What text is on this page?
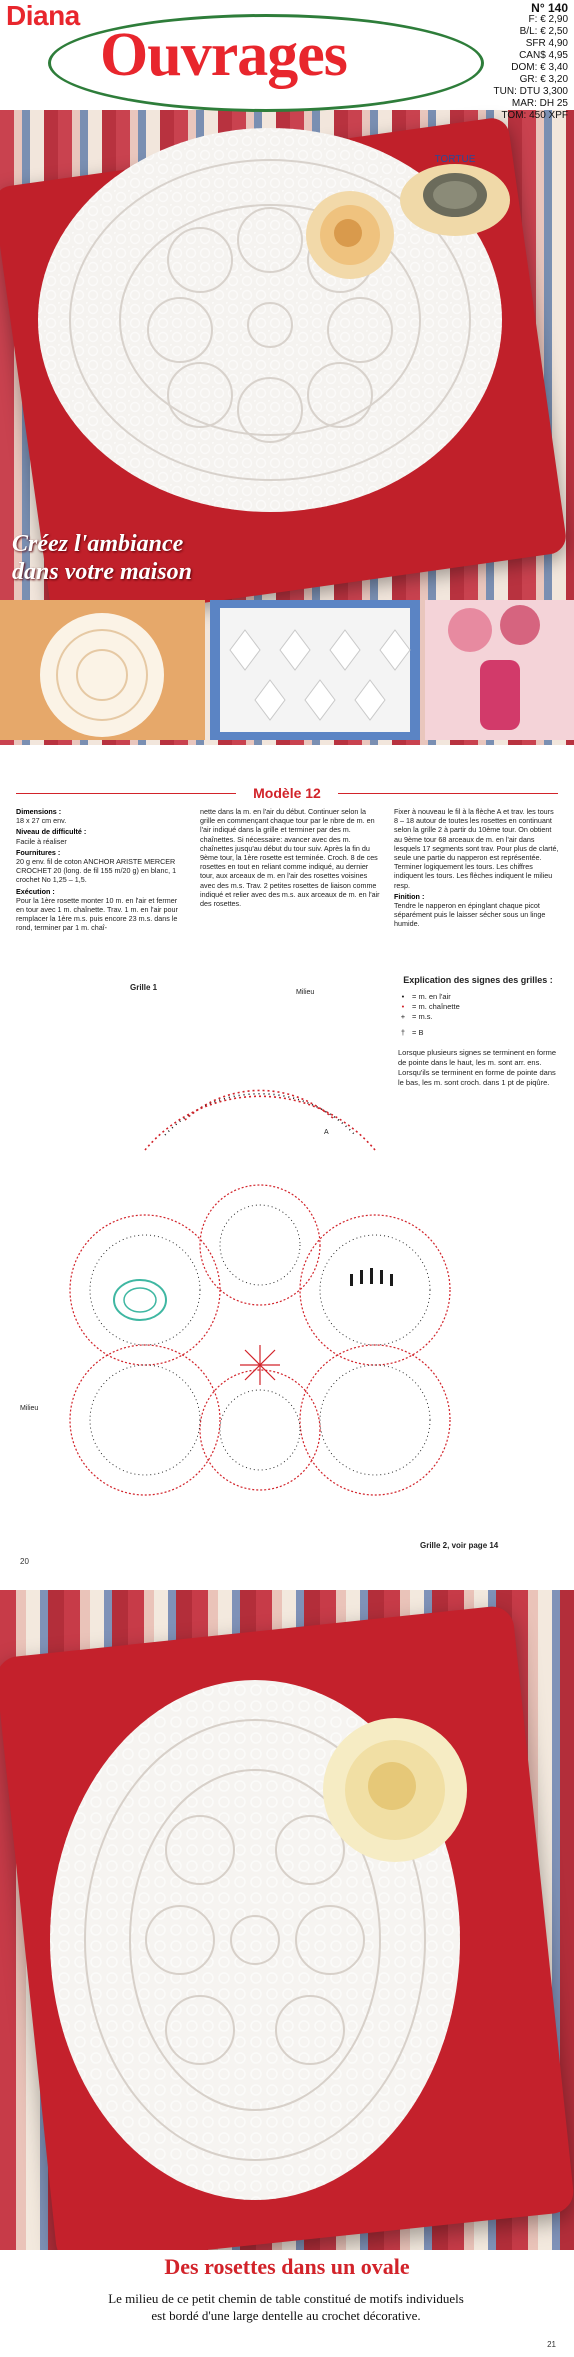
Diana
Ouvrages
N° 140
F: € 2,90
B/L: € 2,50
SFR 4,90
CAN$ 4,95
DOM: € 3,40
GR: € 3,20
TUN: DTU 3,300
MAR: DH 25
TOM: 450 XPF
TORTUE
Créez l'ambiance
dans votre maison
Modèle 12

Dimensions :
18 x 27 cm env.

Niveau de difficulté :
Facile à réaliser

Fournitures :
20 g env. fil de coton ANCHOR ARISTE MERCER CROCHET 20 (long. de fil 155 m/20 g) en blanc, 1 crochet No 1,25 – 1,5.

Exécution :
Pour la 1ère rosette monter 10 m. en l'air et fermer en tour avec 1 m. chaînette. Trav. 1 m. en l'air pour remplacer la 1ère m.s. puis encore 23 m.s. dans le rond, terminer par 1 m. chaî-

nette dans la m. en l'air du début. Continuer selon la grille en commençant chaque tour par le nbre de m. en l'air indiqué dans la grille et terminer par des m. chaînettes. Si nécessaire: avancer avec des m. chaînettes jusqu'au début du tour suiv. Après la fin du 9ème tour, la 1ère rosette est terminée. Croch. 8 de ces rosettes en tout en reliant comme indiqué, au dernier tour, aux arceaux de m. en l'air des rosettes voisines avec des m.s. Trav. 2 petites rosettes de liaison comme indiqué et relier avec des m.s. aux arceaux de m. en l'air des rosettes.

Fixer à nouveau le fil à la flèche A et trav. les tours 8 – 18 autour de toutes les rosettes en continuant selon la grille 2 à partir du 10ème tour. On obtient au 9ème tour 68 arceaux de m. en l'air dans lesquels 17 segments sont trav. Pour plus de clarté, seule une partie du napperon est représentée. Terminer logiquement les tours. Les chiffres indiquent les tours. Les flèches indiquent le milieu resp.

Finition :
Tendre le napperon en épinglant chaque picot séparément puis le laisser sécher sous un linge humide.

Grille 1
Milieu
Milieu
A
Explication des signes des grilles :
•	= m. en l'air
•	= m. chaînette
+ = m.s.
† = B
Lorsque plusieurs signes se terminent en forme de pointe dans le haut, les m. sont arr. ens. Lorsqu'ils se terminent en forme de pointe dans le bas, les m. sont croch. dans 1 pt de piqûre.
Grille 2, voir page 14
20
Des rosettes dans un ovale
Le milieu de ce petit chemin de table constitué de motifs individuels
est bordé d'une large dentelle au crochet décorative.
21
